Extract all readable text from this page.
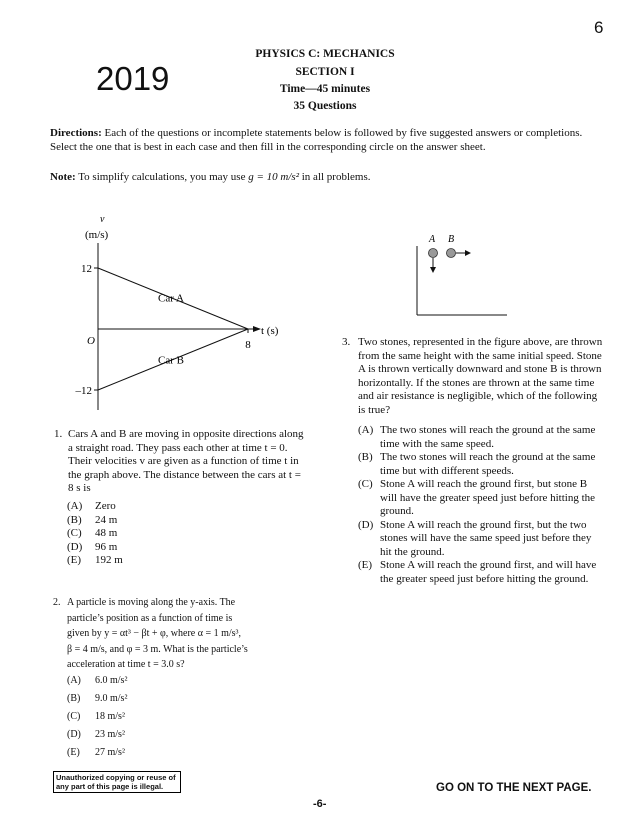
6
2019
PHYSICS C: MECHANICS
SECTION I
Time—45 minutes
35 Questions
Directions: Each of the questions or incomplete statements below is followed by five suggested answers or completions. Select the one that is best in each case and then fill in the corresponding circle on the answer sheet.
Note: To simplify calculations, you may use g = 10 m/s² in all problems.
v
(m/s)
t (s)
O
12
–12
8
Car A
Car B
1. Cars A and B are moving in opposite directions along a straight road. They pass each other at time t = 0. Their velocities v are given as a function of time t in the graph above. The distance between the cars at t = 8 s is
(A)	Zero
(B)	24 m
(C)	48 m
(D)	96 m
(E)	192 m
2. A particle is moving along the y-axis. The
particle’s position as a function of time is
given by y = αt³ − βt + φ, where α = 1 m/s³,
β = 4 m/s, and φ = 3 m. What is the particle’s
acceleration at time t = 3.0 s?
(A)	6.0 m/s²
(B)	9.0 m/s²
(C)	18 m/s²
(D)	23 m/s²
(E)	27 m/s²
A B
3. Two stones, represented in the figure above, are thrown from the same height with the same initial speed. Stone A is thrown vertically downward and stone B is thrown horizontally. If the stones are thrown at the same time and air resistance is negligible, which of the following is true?
(A) The two stones will reach the ground at the same time with the same speed.
(B) The two stones will reach the ground at the same time but with different speeds.
(C) Stone A will reach the ground first, but stone B will have the greater speed just before hitting the ground.
(D) Stone A will reach the ground first, but the two stones will have the same speed just before they hit the ground.
(E) Stone A will reach the ground first, and will have the greater speed just before hitting the ground.
Unauthorized copying or reuse of any part of this page is illegal.	GO ON TO THE NEXT PAGE.
-6-
